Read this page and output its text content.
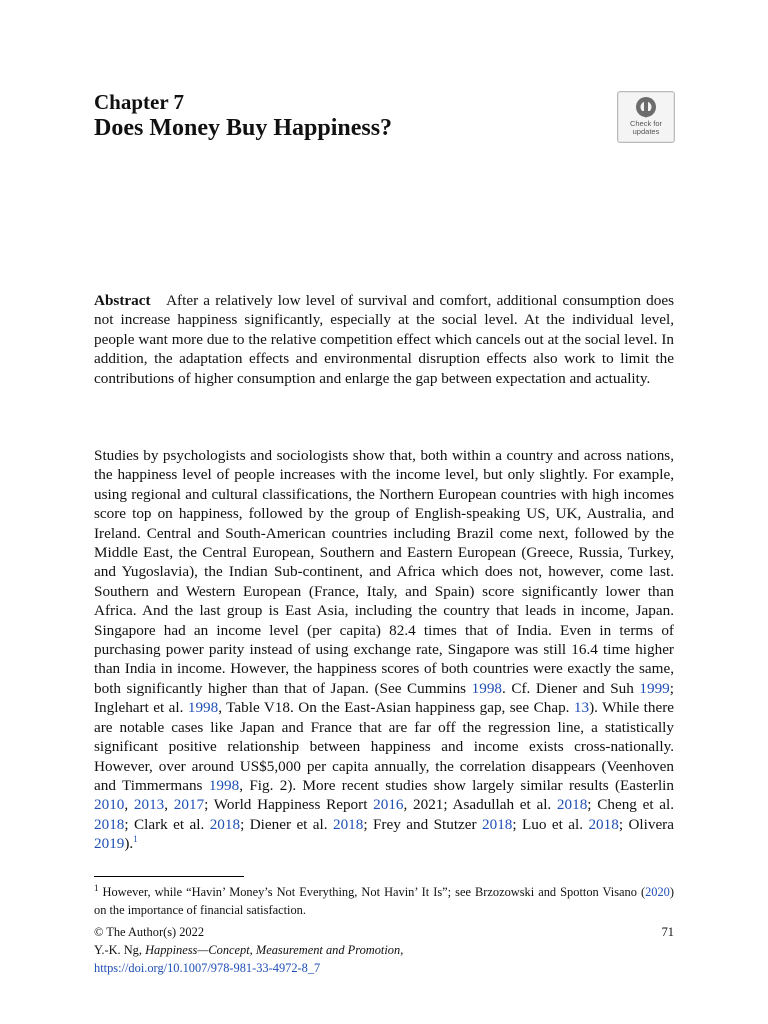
Chapter 7
Does Money Buy Happiness?	Check for
updates

Abstract After a relatively low level of survival and comfort, additional consumption does not increase happiness significantly, especially at the social level. At the individual level, people want more due to the relative competition effect which cancels out at the social level. In addition, the adaptation effects and environmental disruption effects also work to limit the contributions of higher consumption and enlarge the gap between expectation and actuality.

Studies by psychologists and sociologists show that, both within a country and across nations, the happiness level of people increases with the income level, but only slightly. For example, using regional and cultural classifications, the Northern European countries with high incomes score top on happiness, followed by the group of English-speaking US, UK, Australia, and Ireland. Central and South-American countries including Brazil come next, followed by the Middle East, the Central European, Southern and Eastern European (Greece, Russia, Turkey, and Yugoslavia), the Indian Sub-continent, and Africa which does not, however, come last. Southern and Western European (France, Italy, and Spain) score significantly lower than Africa. And the last group is East Asia, including the country that leads in income, Japan. Singapore had an income level (per capita) 82.4 times that of India. Even in terms of purchasing power parity instead of using exchange rate, Singapore was still 16.4 time higher than India in income. However, the happiness scores of both countries were exactly the same, both significantly higher than that of Japan. (See Cummins 1998. Cf. Diener and Suh 1999; Inglehart et al. 1998, Table V18. On the East-Asian happiness gap, see Chap. 13). While there are notable cases like Japan and France that are far off the regression line, a statistically significant positive relationship between happiness and income exists cross-nationally. However, over around US$5,000 per capita annually, the correlation disappears (Veenhoven and Timmermans 1998, Fig. 2). More recent studies show largely similar results (Easterlin 2010, 2013, 2017; World Happiness Report 2016, 2021; Asadullah et al. 2018; Cheng et al. 2018; Clark et al. 2018; Diener et al. 2018; Frey and Stutzer 2018; Luo et al. 2018; Olivera 2019).$^1$

$^1$ However, while “Havin’ Money’s Not Everything, Not Havin’ It Is”; see Brzozowski and Spotton Visano (2020) on the importance of financial satisfaction.

© The Author(s) 2022
Y.-K. Ng, Happiness—Concept, Measurement and Promotion,
https://doi.org/10.1007/978-981-33-4972-8_7
71
